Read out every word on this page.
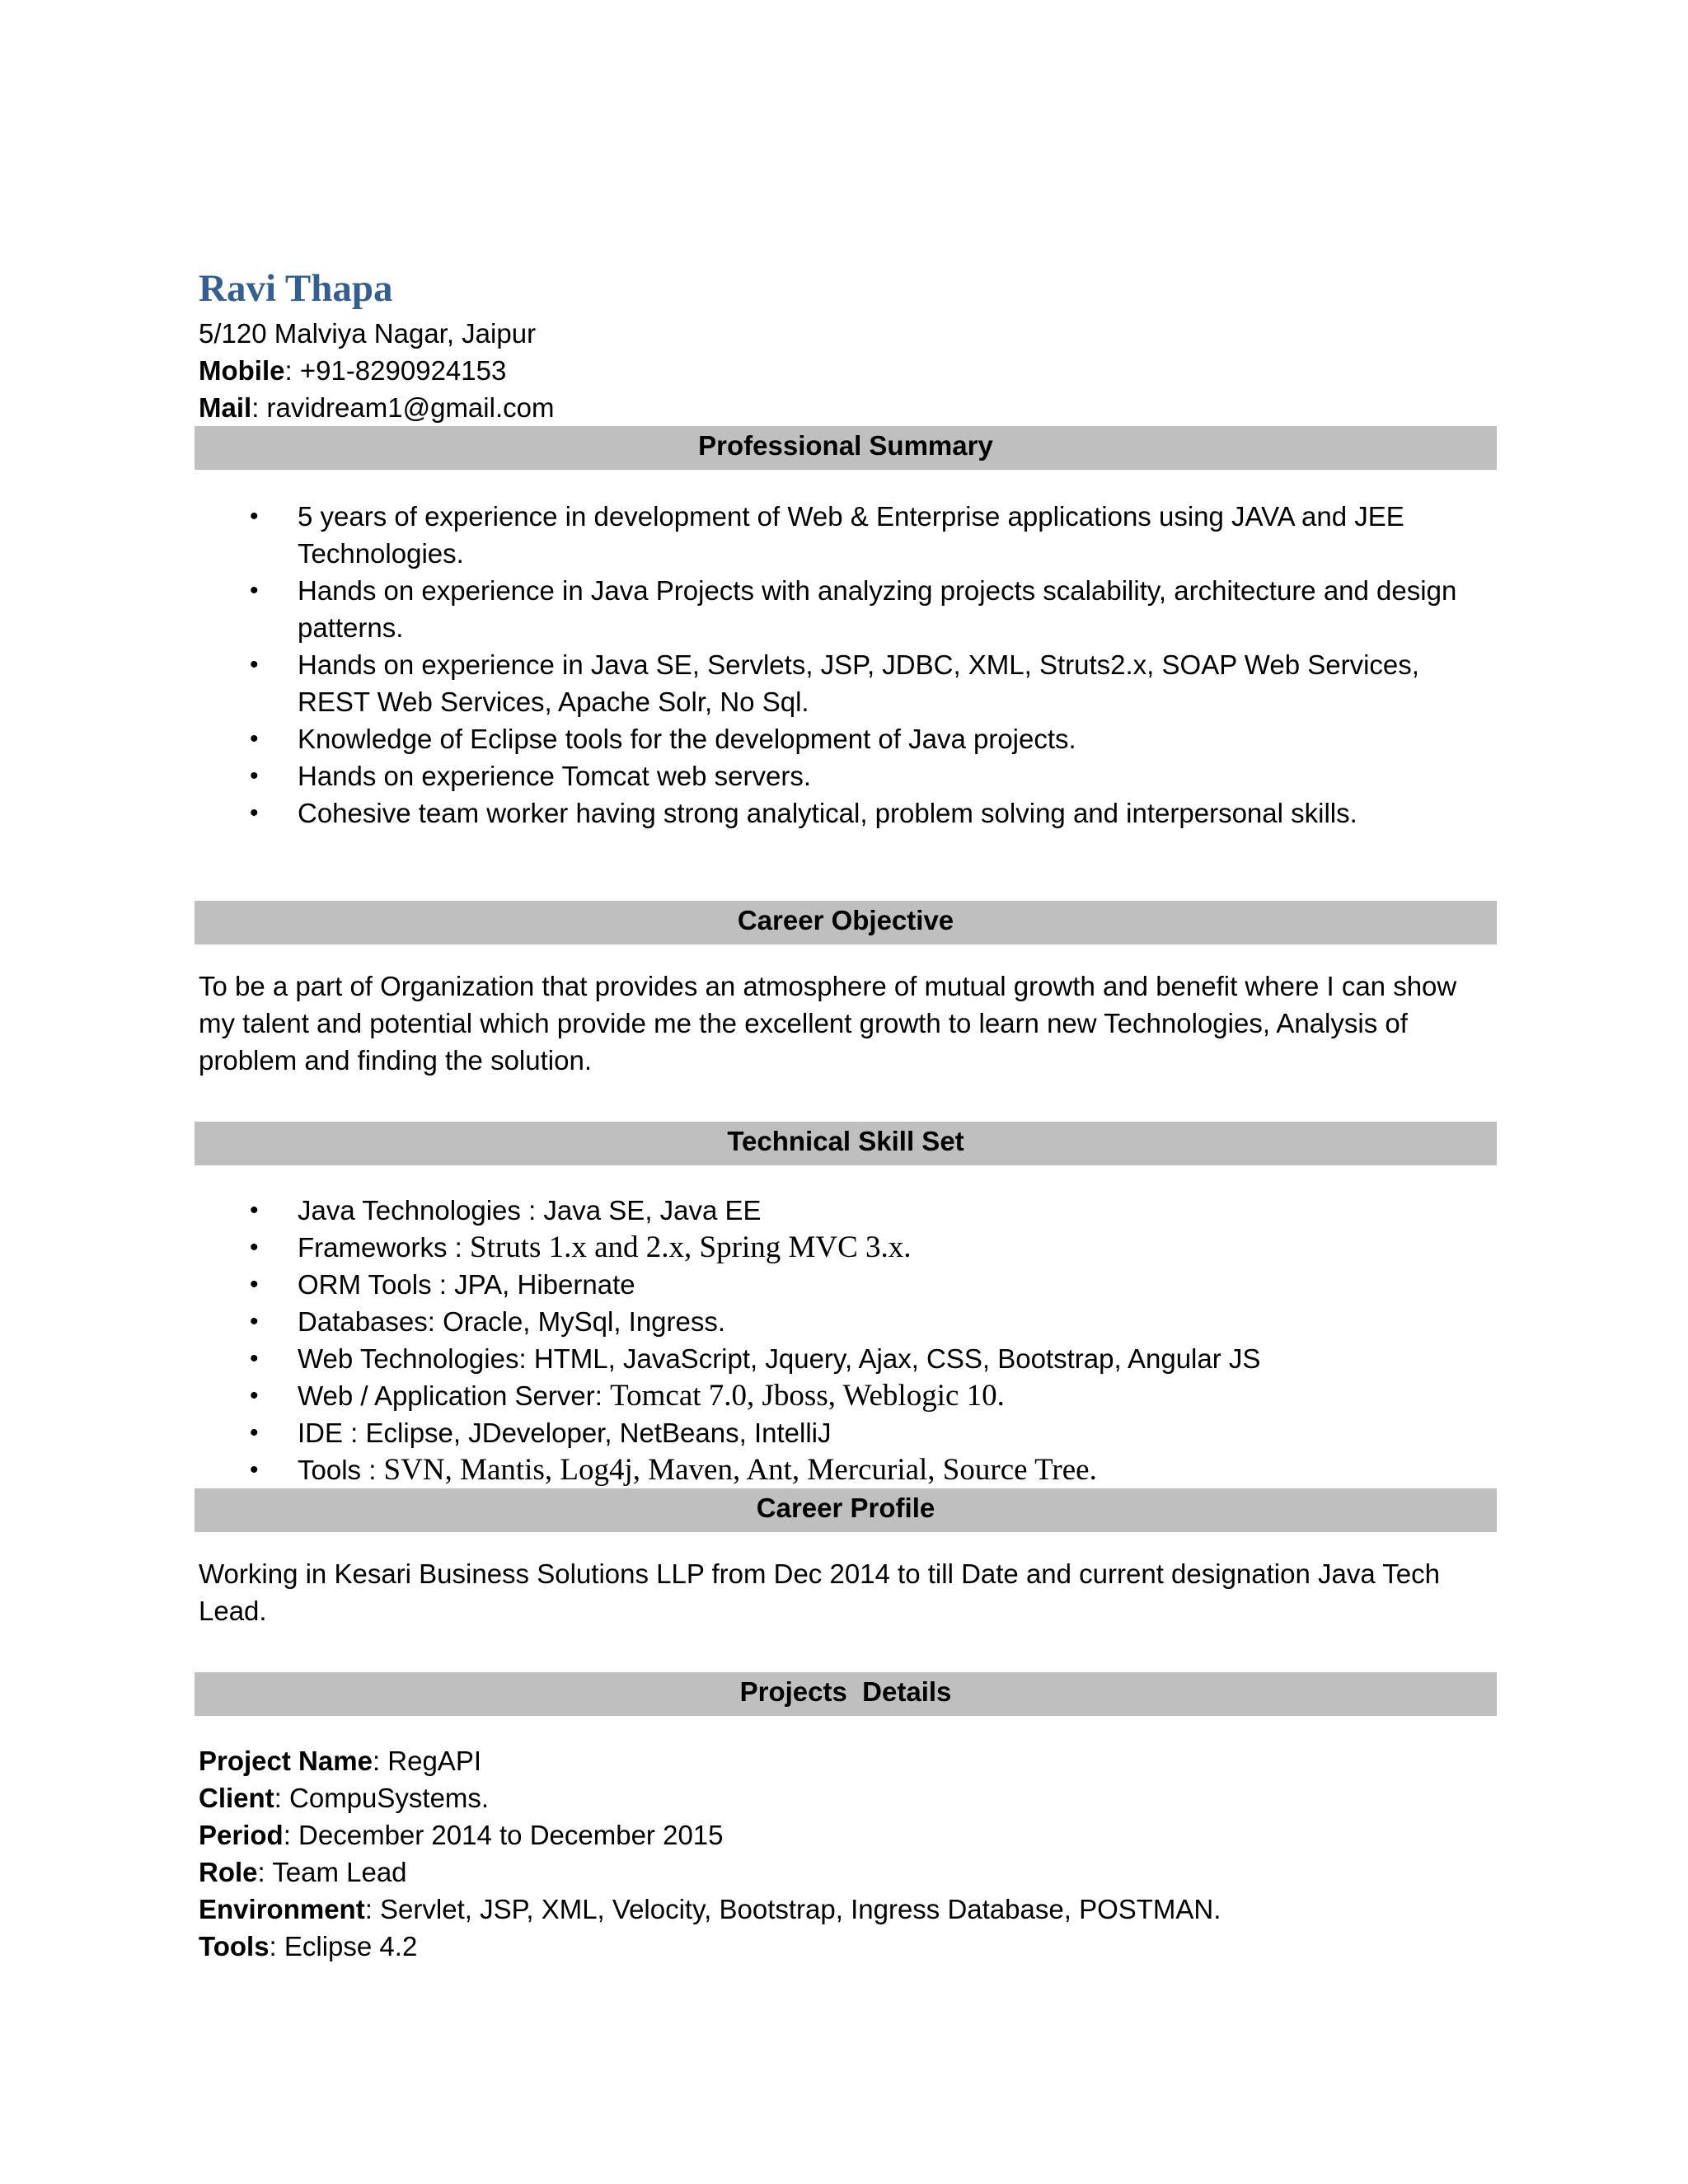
Ravi Thapa
5/120 Malviya Nagar, Jaipur
Mobile: +91-8290924153
Mail: ravidream1@gmail.com
Professional Summary
• 5 years of experience in development of Web & Enterprise applications using JAVA and JEE Technologies.
• Hands on experience in Java Projects with analyzing projects scalability, architecture and design patterns.
• Hands on experience in Java SE, Servlets, JSP, JDBC, XML, Struts2.x, SOAP Web Services, REST Web Services, Apache Solr, No Sql.
• Knowledge of Eclipse tools for the development of Java projects.
• Hands on experience Tomcat web servers.
• Cohesive team worker having strong analytical, problem solving and interpersonal skills.
Career Objective
To be a part of Organization that provides an atmosphere of mutual growth and benefit where I can show my talent and potential which provide me the excellent growth to learn new Technologies, Analysis of problem and finding the solution.
Technical Skill Set
• Java Technologies : Java SE, Java EE
• Frameworks : Struts 1.x and 2.x, Spring MVC 3.x.
• ORM Tools : JPA, Hibernate
• Databases: Oracle, MySql, Ingress.
• Web Technologies: HTML, JavaScript, Jquery, Ajax, CSS, Bootstrap, Angular JS
• Web / Application Server: Tomcat 7.0, Jboss, Weblogic 10.
• IDE : Eclipse, JDeveloper, NetBeans, IntelliJ
• Tools : SVN, Mantis, Log4j, Maven, Ant, Mercurial, Source Tree.
Career Profile
Working in Kesari Business Solutions LLP from Dec 2014 to till Date and current designation Java Tech Lead.
Projects  Details
Project Name: RegAPI
Client: CompuSystems.
Period: December 2014 to December 2015
Role: Team Lead
Environment: Servlet, JSP, XML, Velocity, Bootstrap, Ingress Database, POSTMAN.
Tools: Eclipse 4.2
